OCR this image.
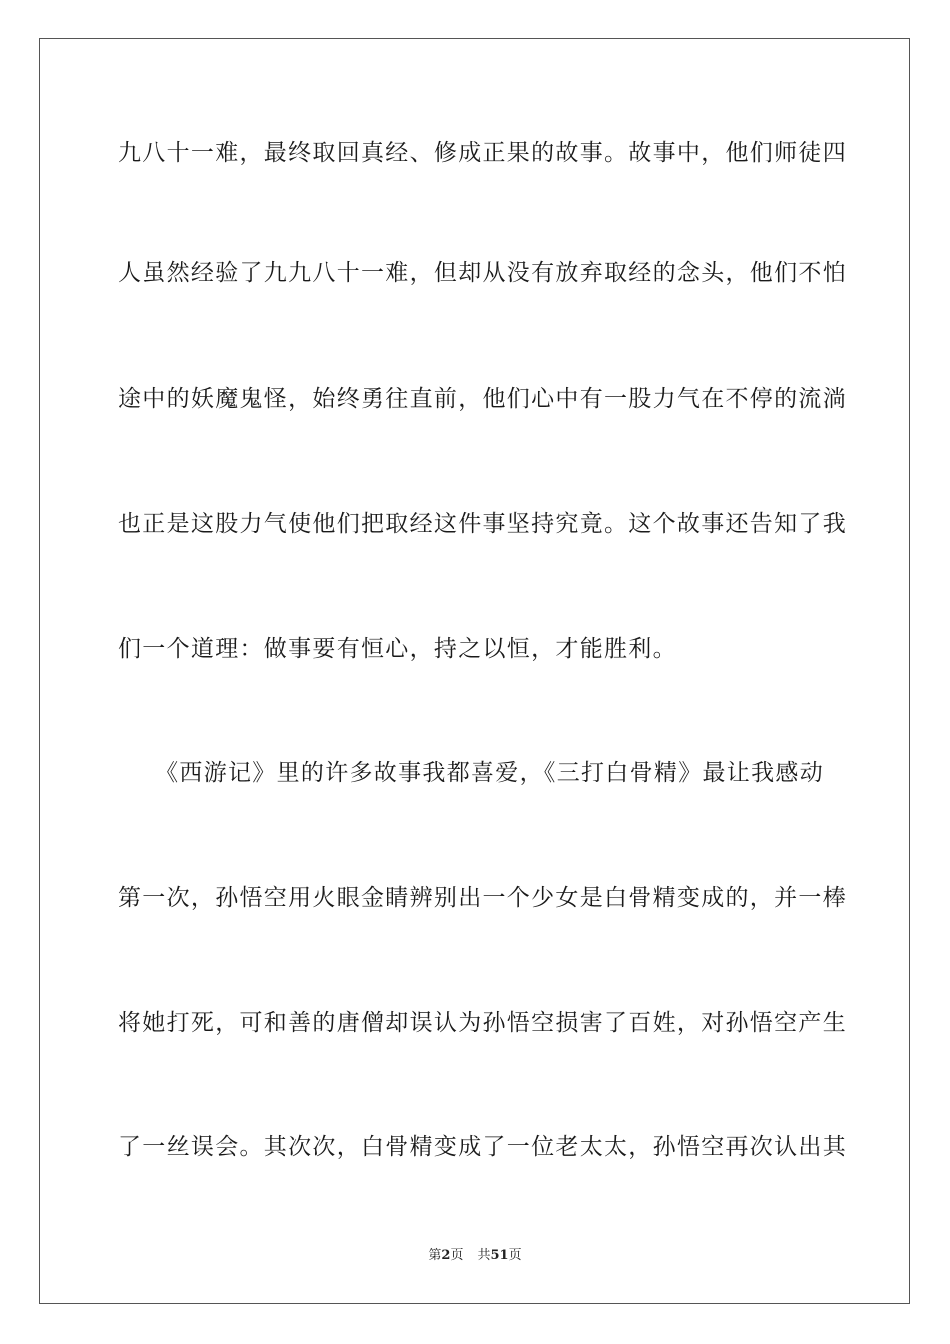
九八十一难，最终取回真经、修成正果的故事。故事中，他们师徒四
人虽然经验了九九八十一难，但却从没有放弃取经的念头，他们不怕
途中的妖魔鬼怪，始终勇往直前，他们心中有一股力气在不停的流淌
也正是这股力气使他们把取经这件事坚持究竟。这个故事还告知了我
们一个道理：做事要有恒心，持之以恒，才能胜利。
　　《西游记》里的许多故事我都喜爱，《三打白骨精》最让我感动
第一次，孙悟空用火眼金睛辨别出一个少女是白骨精变成的，并一棒
将她打死，可和善的唐僧却误认为孙悟空损害了百姓，对孙悟空产生
了一丝误会。其次次，白骨精变成了一位老太太，孙悟空再次认出其
第2页 共51页
